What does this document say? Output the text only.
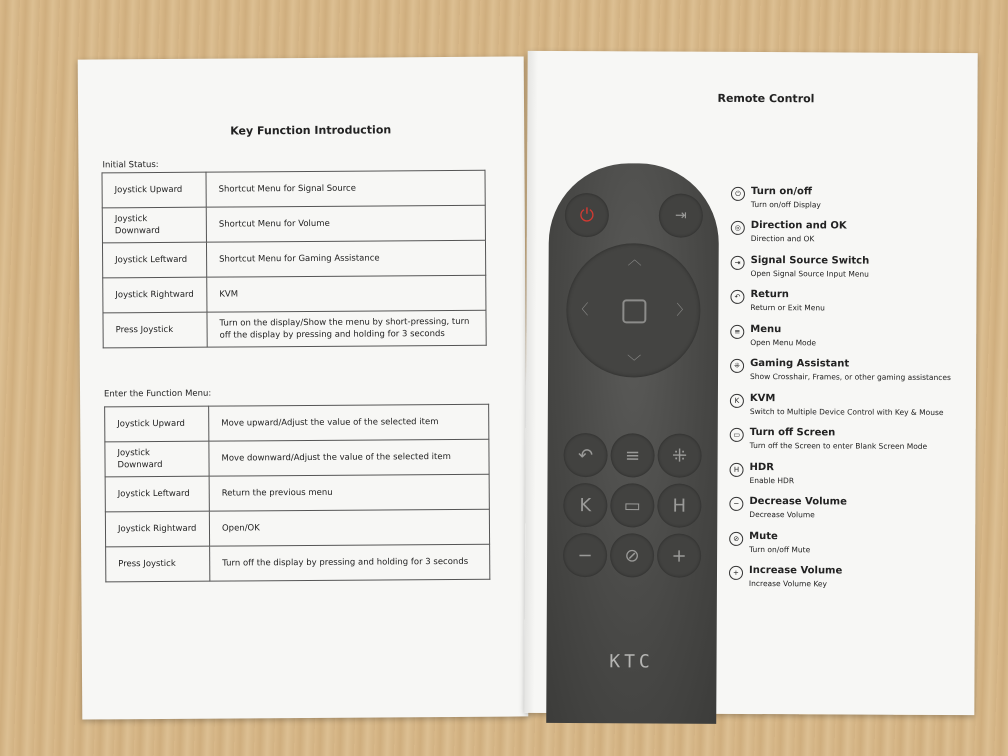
Key Function Introduction
Initial Status:
Joystick Upward	Shortcut Menu for Signal Source
Joystick Downward	Shortcut Menu for Volume
Joystick Leftward	Shortcut Menu for Gaming Assistance
Joystick Rightward	KVM
Press Joystick	Turn on the display/Show the menu by short-pressing, turn off the display by pressing and holding for 3 seconds
Enter the Function Menu:
Joystick Upward	Move upward/Adjust the value of the selected item
Joystick Downward	Move downward/Adjust the value of the selected item
Joystick Leftward	Return the previous menu
Joystick Rightward	Open/OK
Press Joystick	Turn off the display by pressing and holding for 3 seconds
Remote Control
⏻	⇥
︿
﹀
〈	〉
↶	≡	⁜
K	▭	H
−	⊘	+
KTC
⏻	Turn on/off
Turn on/off Display
◎ Direction and OK
Direction and OK
⇥	Signal Source Switch
Open Signal Source Input Menu
↶	Return
Return or Exit Menu
≡	Menu
Open Menu Mode
⁜	Gaming Assistant
Show Crosshair, Frames, or other gaming assistances
K	KVM
Switch to Multiple Device Control with Key & Mouse
▭ Turn off Screen
Turn off the Screen to enter Blank Screen Mode
H	HDR
Enable HDR
−	Decrease Volume
Decrease Volume
⊘	Mute
Turn on/off Mute
+	Increase Volume
Increase Volume Key
